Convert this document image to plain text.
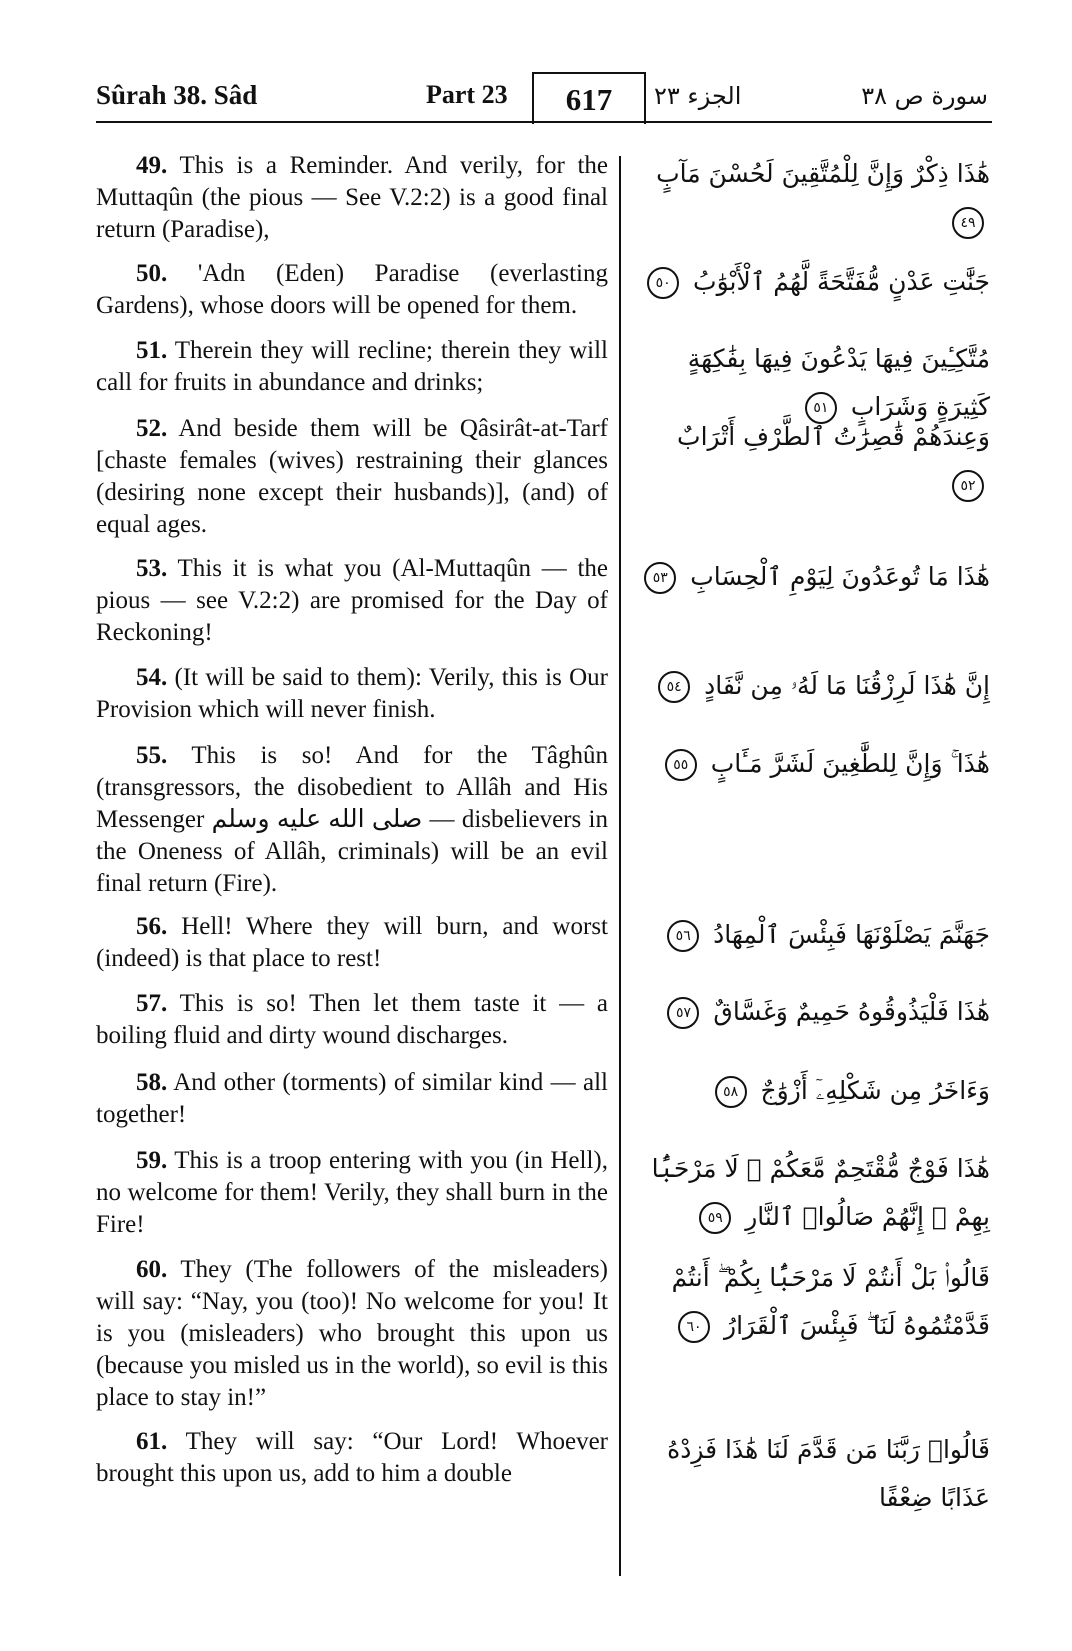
Sûrah 38. Sâd	Part 23	617	الجزء ٢٣	سورة ص ٣٨
49. This is a Reminder. And verily, for the Muttaqûn (the pious — See V.2:2) is a good final return (Paradise),
50. 'Adn (Eden) Paradise (everlasting Gardens), whose doors will be opened for them.
51. Therein they will recline; therein they will call for fruits in abundance and drinks;
52. And beside them will be Qâsirât-at-Tarf [chaste females (wives) restraining their glances (desiring none except their husbands)], (and) of equal ages.
53. This it is what you (Al-Muttaqûn — the pious — see V.2:2) are promised for the Day of Reckoning!
54. (It will be said to them): Verily, this is Our Provision which will never finish.
55. This is so! And for the Tâghûn (transgressors, the disobedient to Allâh and His Messenger صلى الله عليه وسلم — disbelievers in the Oneness of Allâh, criminals) will be an evil final return (Fire).
56. Hell! Where they will burn, and worst (indeed) is that place to rest!
57. This is so! Then let them taste it — a boiling fluid and dirty wound discharges.
58. And other (torments) of similar kind — all together!
59. This is a troop entering with you (in Hell), no welcome for them! Verily, they shall burn in the Fire!
60. They (The followers of the misleaders) will say: “Nay, you (too)! No welcome for you! It is you (misleaders) who brought this upon us (because you misled us in the world), so evil is this place to stay in!”
61. They will say: “Our Lord! Whoever brought this upon us, add to him a double
هَٰذَا ذِكْرٌ وَإِنَّ لِلْمُتَّقِينَ لَحُسْنَ مَآبٍ ٤٩
جَنَّٰتِ عَدْنٍ مُّفَتَّحَةً لَّهُمُ ٱلْأَبْوَٰبُ ٥٠
مُتَّكِـِٔينَ فِيهَا يَدْعُونَ فِيهَا بِفَٰكِهَةٍ كَثِيرَةٍ وَشَرَابٍ ٥١
وَعِندَهُمْ قَٰصِرَٰتُ ٱلطَّرْفِ أَتْرَابٌ ٥٢
هَٰذَا مَا تُوعَدُونَ لِيَوْمِ ٱلْحِسَابِ ٥٣
إِنَّ هَٰذَا لَرِزْقُنَا مَا لَهُۥ مِن نَّفَادٍ ٥٤
هَٰذَا ۚ وَإِنَّ لِلطَّٰغِينَ لَشَرَّ مَـَٔابٍ ٥٥
جَهَنَّمَ يَصْلَوْنَهَا فَبِئْسَ ٱلْمِهَادُ ٥٦
هَٰذَا فَلْيَذُوقُوهُ حَمِيمٌ وَغَسَّاقٌ ٥٧
وَءَاخَرُ مِن شَكْلِهِۦٓ أَزْوَٰجٌ ٥٨
هَٰذَا فَوْجٌ مُّقْتَحِمٌ مَّعَكُمْ ۖ لَا مَرْحَبًۢا بِهِمْ ۚ إِنَّهُمْ صَالُوا۟ ٱلنَّارِ ٥٩
قَالُوا۟ بَلْ أَنتُمْ لَا مَرْحَبًۢا بِكُمْ ۖ أَنتُمْ قَدَّمْتُمُوهُ لَنَا ۖ فَبِئْسَ ٱلْقَرَارُ ٦٠
قَالُوا۟ رَبَّنَا مَن قَدَّمَ لَنَا هَٰذَا فَزِدْهُ عَذَابًا ضِعْفًا
